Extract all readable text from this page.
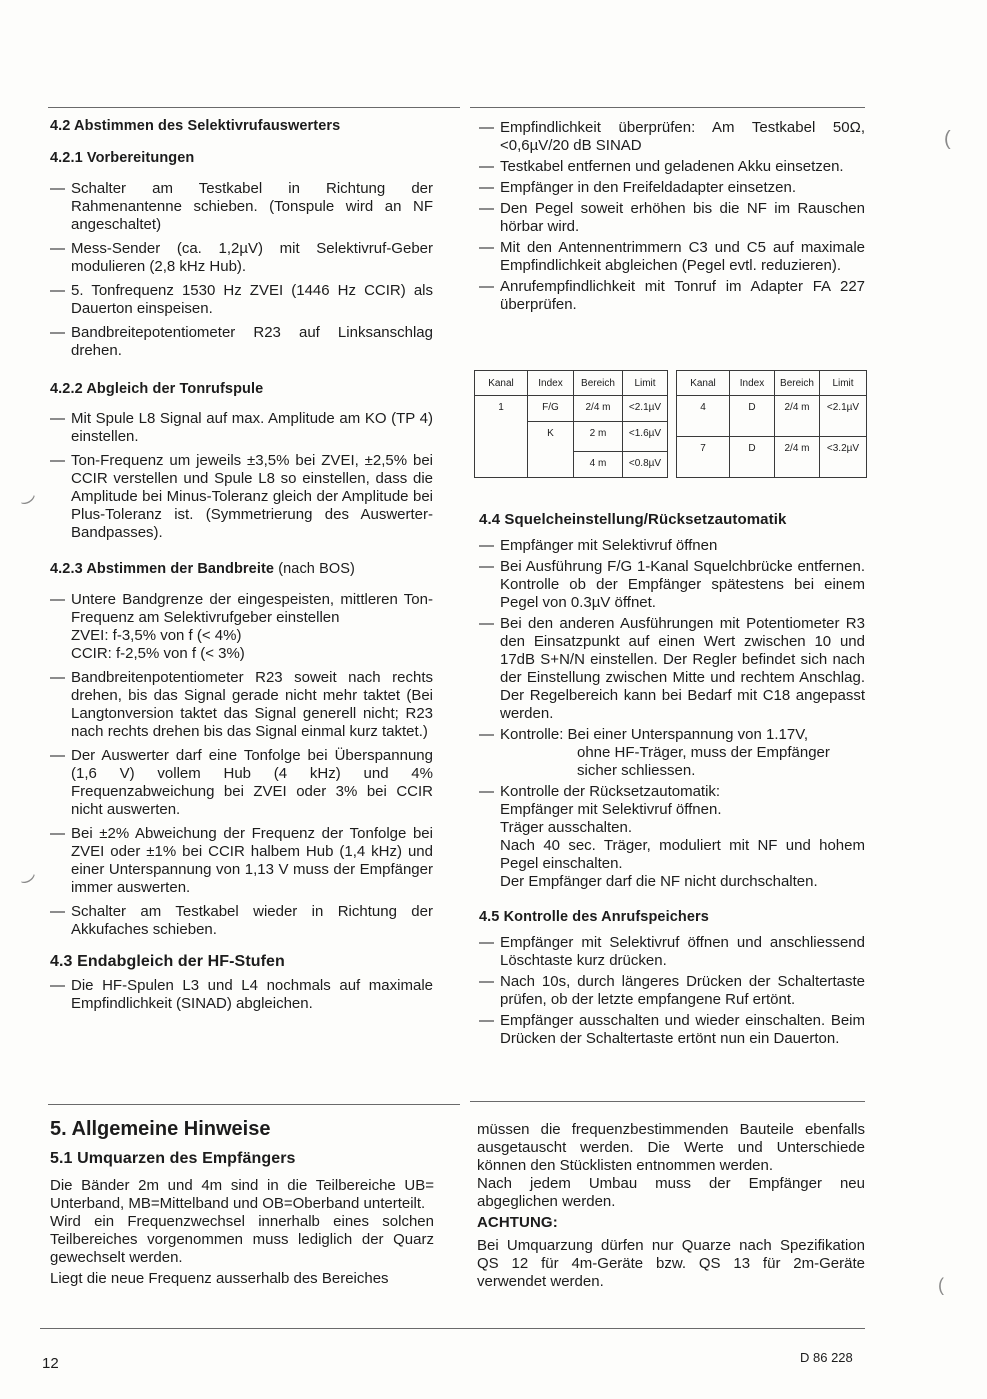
4.2 Abstimmen des Selektivrufauswerters
4.2.1 Vorbereitungen
— Schalter am Testkabel in Richtung der Rahmenantenne schieben. (Tonspule wird an NF angeschaltet)
— Mess-Sender (ca. 1,2µV) mit Selektivruf-Geber modulieren (2,8 kHz Hub).
— 5. Tonfrequenz 1530 Hz ZVEI (1446 Hz CCIR) als Dauerton einspeisen.
— Bandbreitepotentiometer R23 auf Linksanschlag drehen.
4.2.2 Abgleich der Tonrufspule
— Mit Spule L8 Signal auf max. Amplitude am KO (TP 4) einstellen.
— Ton-Frequenz um jeweils ±3,5% bei ZVEI, ±2,5% bei CCIR verstellen und Spule L8 so einstellen, dass die Amplitude bei Minus-Toleranz gleich der Amplitude bei Plus-Toleranz ist. (Symmetrierung des Auswerter-Bandpasses).
4.2.3 Abstimmen der Bandbreite (nach BOS)
— Untere Bandgrenze der eingespeisten, mittleren Ton-Frequenz am Selektivrufgeber einstellen
ZVEI: f-3,5% von f (< 4%)
CCIR: f-2,5% von f (< 3%)
— Bandbreitenpotentiometer R23 soweit nach rechts drehen, bis das Signal gerade nicht mehr taktet (Bei Langtonversion taktet das Signal generell nicht; R23 nach rechts drehen bis das Signal einmal kurz taktet.)
— Der Auswerter darf eine Tonfolge bei Überspannung (1,6 V) vollem Hub (4 kHz) und 4% Frequenzabweichung bei ZVEI oder 3% bei CCIR nicht auswerten.
— Bei ±2% Abweichung der Frequenz der Tonfolge bei ZVEI oder ±1% bei CCIR halbem Hub (1,4 kHz) und einer Unterspannung von 1,13 V muss der Empfänger immer auswerten.
— Schalter am Testkabel wieder in Richtung der Akkufaches schieben.
4.3 Endabgleich der HF-Stufen
— Die HF-Spulen L3 und L4 nochmals auf maximale Empfindlichkeit (SINAD) abgleichen.
— Empfindlichkeit überprüfen: Am Testkabel 50Ω, <0,6µV/20 dB SINAD
— Testkabel entfernen und geladenen Akku einsetzen.
— Empfänger in den Freifeldadapter einsetzen.
— Den Pegel soweit erhöhen bis die NF im Rauschen hörbar wird.
— Mit den Antennentrimmern C3 und C5 auf maximale Empfindlichkeit abgleichen (Pegel evtl. reduzieren).
— Anrufempfindlichkeit mit Tonruf im Adapter FA 227 überprüfen.
Kanal	Index	Bereich	Limit
1	F/G	2/4 m	<2.1µV
	K	2 m	<1.6µV
		4 m	<0.8µV
Kanal	Index	Bereich	Limit
4	D	2/4 m	<2.1µV
7	D	2/4 m	<3.2µV
4.4 Squelcheinstellung/Rücksetzautomatik
— Empfänger mit Selektivruf öffnen
— Bei Ausführung F/G 1-Kanal Squelchbrücke entfernen. Kontrolle ob der Empfänger spätestens bei einem Pegel von 0.3µV öffnet.
— Bei den anderen Ausführungen mit Potentiometer R3 den Einsatzpunkt auf einen Wert zwischen 10 und 17dB S+N/N einstellen. Der Regler befindet sich nach der Einstellung zwischen Mitte und rechtem Anschlag. Der Regelbereich kann bei Bedarf mit C18 angepasst werden.
— Kontrolle: Bei einer Unterspannung von 1.17V,
ohne HF-Träger, muss der Empfänger sicher schliessen.
— Kontrolle der Rücksetzautomatik:
Empfänger mit Selektivruf öffnen.
Träger ausschalten.
Nach 40 sec. Träger, moduliert mit NF und hohem Pegel einschalten.
Der Empfänger darf die NF nicht durchschalten.
4.5 Kontrolle des Anrufspeichers
— Empfänger mit Selektivruf öffnen und anschliessend Löschtaste kurz drücken.
— Nach 10s, durch längeres Drücken der Schaltertaste prüfen, ob der letzte empfangene Ruf ertönt.
— Empfänger ausschalten und wieder einschalten. Beim Drücken der Schaltertaste ertönt nun ein Dauerton.
5. Allgemeine Hinweise
5.1 Umquarzen des Empfängers

Die Bänder 2m und 4m sind in die Teilbereiche UB= Unterband, MB=Mittelband und OB=Oberband unterteilt.

Wird ein Frequenzwechsel innerhalb eines solchen Teilbereiches vorgenommen muss lediglich der Quarz gewechselt werden.

Liegt die neue Frequenz ausserhalb des Bereiches

müssen die frequenzbestimmenden Bauteile ebenfalls ausgetauscht werden. Die Werte und Unterschiede können den Stücklisten entnommen werden.

Nach jedem Umbau muss der Empfänger neu abgeglichen werden.

ACHTUNG:

Bei Umquarzung dürfen nur Quarze nach Spezifikation QS 12 für 4m-Geräte bzw. QS 13 für 2m-Geräte verwendet werden.

12	D 86 228
(
)
)
(
